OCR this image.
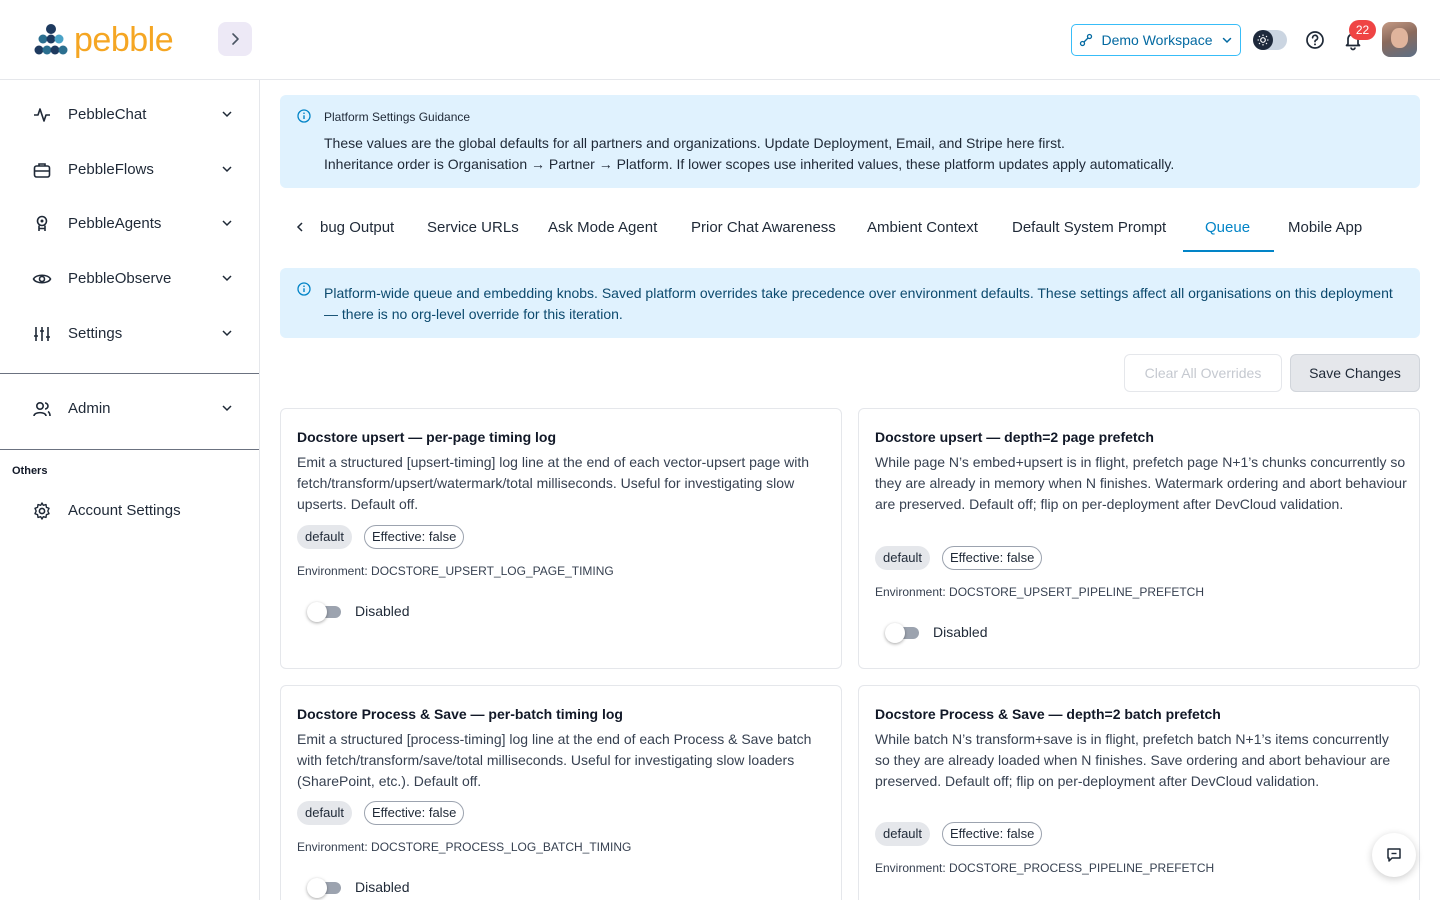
pebble	Demo Workspace
22
PebbleChat
PebbleFlows
PebbleAgents
PebbleObserve
Settings
Admin
Others
Account Settings
Platform Settings Guidance
These values are the global defaults for all partners and organizations. Update Deployment, Email, and Stripe here first.
Inheritance order is Organisation → Partner → Platform. If lower scopes use inherited values, these platform updates apply automatically.
bug Output Service URLs Ask Mode Agent Prior Chat Awareness Ambient Context Default System Prompt	Queue	Mobile App
Platform-wide queue and embedding knobs. Saved platform overrides take precedence over environment defaults. These settings affect all organisations on this deployment — there is no org-level override for this iteration.
Clear All Overrides	Save Changes
Docstore upsert — per-page timing log
Emit a structured [upsert-timing] log line at the end of each vector-upsert page with fetch/transform/upsert/watermark/total milliseconds. Useful for investigating slow upserts. Default off.
default	Effective: false
Environment: DOCSTORE_UPSERT_LOG_PAGE_TIMING
Disabled
Docstore upsert — depth=2 page prefetch
While page N’s embed+upsert is in flight, prefetch page N+1’s chunks concurrently so they are already in memory when N finishes. Watermark ordering and abort behaviour are preserved. Default off; flip on per-deployment after DevCloud validation.
default	Effective: false
Environment: DOCSTORE_UPSERT_PIPELINE_PREFETCH
Disabled
Docstore Process & Save — per-batch timing log
Emit a structured [process-timing] log line at the end of each Process & Save batch with fetch/transform/save/total milliseconds. Useful for investigating slow loaders (SharePoint, etc.). Default off.
default	Effective: false
Environment: DOCSTORE_PROCESS_LOG_BATCH_TIMING
Disabled
Docstore Process & Save — depth=2 batch prefetch
While batch N’s transform+save is in flight, prefetch batch N+1’s items concurrently so they are already loaded when N finishes. Save ordering and abort behaviour are preserved. Default off; flip on per-deployment after DevCloud validation.
default	Effective: false
Environment: DOCSTORE_PROCESS_PIPELINE_PREFETCH
